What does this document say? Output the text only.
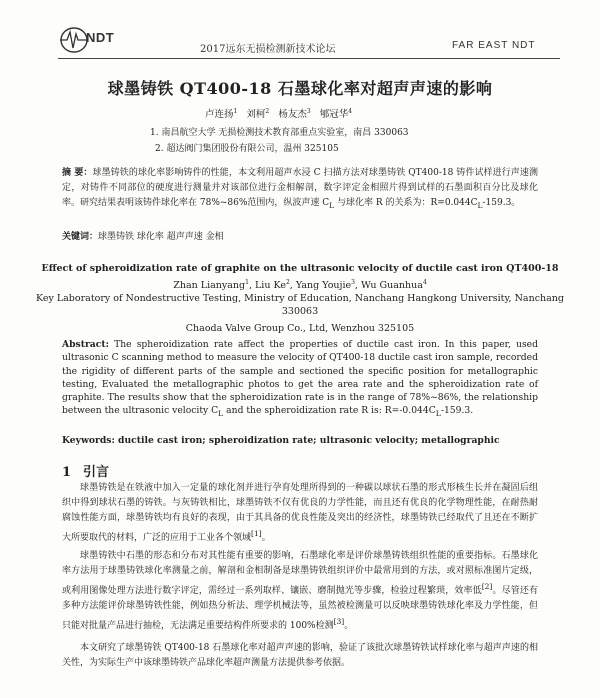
NDT
2017远东无损检测新技术论坛	FAR EAST NDT
球墨铸铁 QT400-18 石墨球化率对超声声速的影响
卢连扬$^1$ 刘柯$^2$ 杨友杰$^3$ 郇冠华$^4$
1. 南昌航空大学 无损检测技术教育部重点实验室，南昌 330063
2. 超达阀门集团股份有限公司，温州 325105
摘 要：球墨铸铁的球化率影响铸件的性能，本文利用超声水浸 C 扫描方法对球墨铸铁 QT400-18 铸件试样进行声速测定，对铸件不同部位的硬度进行测量并对该部位进行金相解剖，数字评定金相照片得到试样的石墨面积百分比及球化率。研究结果表明该铸件球化率在 78%~86%范围内，纵波声速 $C_L$ 与球化率 R 的关系为：$R=0.044C_L-159.3$。
关键词：球墨铸铁 球化率 超声声速 金相
Effect of spheroidization rate of graphite on the ultrasonic velocity of ductile cast iron QT400-18
Zhan Lianyang$^1$, Liu Ke$^2$, Yang Youjie$^3$, Wu Guanhua$^4$
Key Laboratory of Nondestructive Testing, Ministry of Education, Nanchang Hangkong University, Nanchang
330063
Chaoda Valve Group Co., Ltd, Wenzhou 325105
Abstract: The spheroidization rate affect the properties of ductile cast iron. In this paper, used ultrasonic C scanning method to measure the velocity of QT400-18 ductile cast iron sample, recorded the rigidity of different parts of the sample and sectioned the specific position for metallographic testing, Evaluated the metallographic photos to get the area rate and the spheroidization rate of graphite. The results show that the spheroidization rate is in the range of 78%~86%, the relationship between the ultrasonic velocity $C_L$ and the spheroidization rate R is: $R=-0.044C_L-159.3$.
Keywords: ductile cast iron; spheroidization rate; ultrasonic velocity; metallographic
1 引言
球墨铸铁是在铁液中加入一定量的球化剂并进行孕育处理所得到的一种碳以球状石墨的形式形核生长并在凝固后组织中得到球状石墨的铸铁。与灰铸铁相比，球墨铸铁不仅有优良的力学性能，而且还有优良的化学物理性能，在耐热耐腐蚀性能方面，球墨铸铁均有良好的表现，由于其具备的优良性能及突出的经济性，球墨铸铁已经取代了且还在不断扩大所要取代的材料，广泛的应用于工业各个领域[1]。
球墨铸铁中石墨的形态和分布对其性能有重要的影响，石墨球化率是评价球墨铸铁组织性能的重要指标。石墨球化率方法用于球墨铸铁球化率测量之前，解剖和金相制备是球墨铸铁组织评价中最常用到的方法，或对照标准图片定级，或利用图像处理方法进行数字评定，需经过一系列取样、镶嵌、磨制抛光等步骤，检验过程繁琐，效率低[2]。尽管还有多种方法能评价球墨铸铁性能，例如热分析法、理学机械法等，虽然被检测量可以反映球墨铸铁球化率及力学性能，但只能对批量产品进行抽检，无法满足重要结构件所要求的 100%检测[3]。
本文研究了球墨铸铁 QT400-18 石墨球化率对超声声速的影响，验证了该批次球墨铸铁试样球化率与超声声速的相关性，为实际生产中该球墨铸铁产品球化率超声测量方法提供参考依据。
